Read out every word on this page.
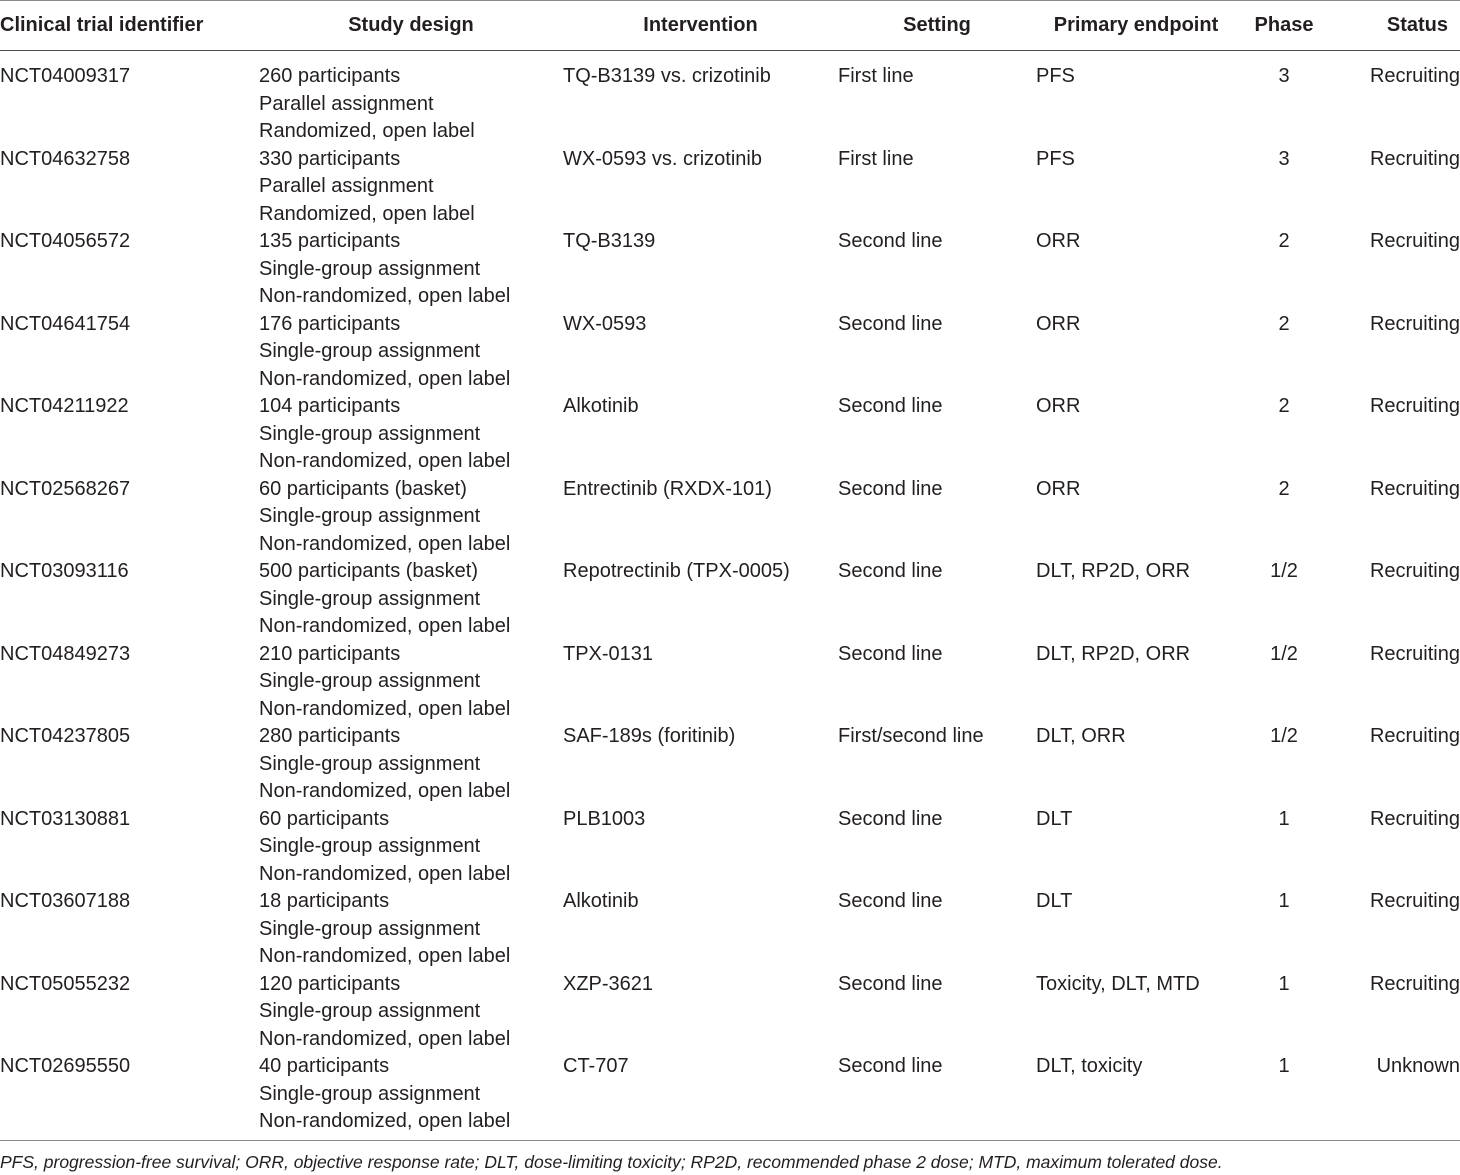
Clinical trial identifier	Study design	Intervention	Setting	Primary endpoint	Phase	Status
NCT04009317	260 participants
Parallel assignment
Randomized, open label	TQ-B3139 vs. crizotinib	First line	PFS	3	Recruiting
NCT04632758	330 participants
Parallel assignment
Randomized, open label	WX-0593 vs. crizotinib	First line	PFS	3	Recruiting
NCT04056572	135 participants
Single-group assignment
Non-randomized, open label	TQ-B3139	Second line	ORR	2	Recruiting
NCT04641754	176 participants
Single-group assignment
Non-randomized, open label	WX-0593	Second line	ORR	2	Recruiting
NCT04211922	104 participants
Single-group assignment
Non-randomized, open label	Alkotinib	Second line	ORR	2	Recruiting
NCT02568267	60 participants (basket)
Single-group assignment
Non-randomized, open label	Entrectinib (RXDX-101)	Second line	ORR	2	Recruiting
NCT03093116	500 participants (basket)
Single-group assignment
Non-randomized, open label	Repotrectinib (TPX-0005)	Second line	DLT, RP2D, ORR	1/2	Recruiting
NCT04849273	210 participants
Single-group assignment
Non-randomized, open label	TPX-0131	Second line	DLT, RP2D, ORR	1/2	Recruiting
NCT04237805	280 participants
Single-group assignment
Non-randomized, open label	SAF-189s (foritinib)	First/second line	DLT, ORR	1/2	Recruiting
NCT03130881	60 participants
Single-group assignment
Non-randomized, open label	PLB1003	Second line	DLT	1	Recruiting
NCT03607188	18 participants
Single-group assignment
Non-randomized, open label	Alkotinib	Second line	DLT	1	Recruiting
NCT05055232	120 participants
Single-group assignment
Non-randomized, open label	XZP-3621	Second line	Toxicity, DLT, MTD	1	Recruiting
NCT02695550	40 participants
Single-group assignment
Non-randomized, open label	CT-707	Second line	DLT, toxicity	1	Unknown
PFS, progression-free survival; ORR, objective response rate; DLT, dose-limiting toxicity; RP2D, recommended phase 2 dose; MTD, maximum tolerated dose.
